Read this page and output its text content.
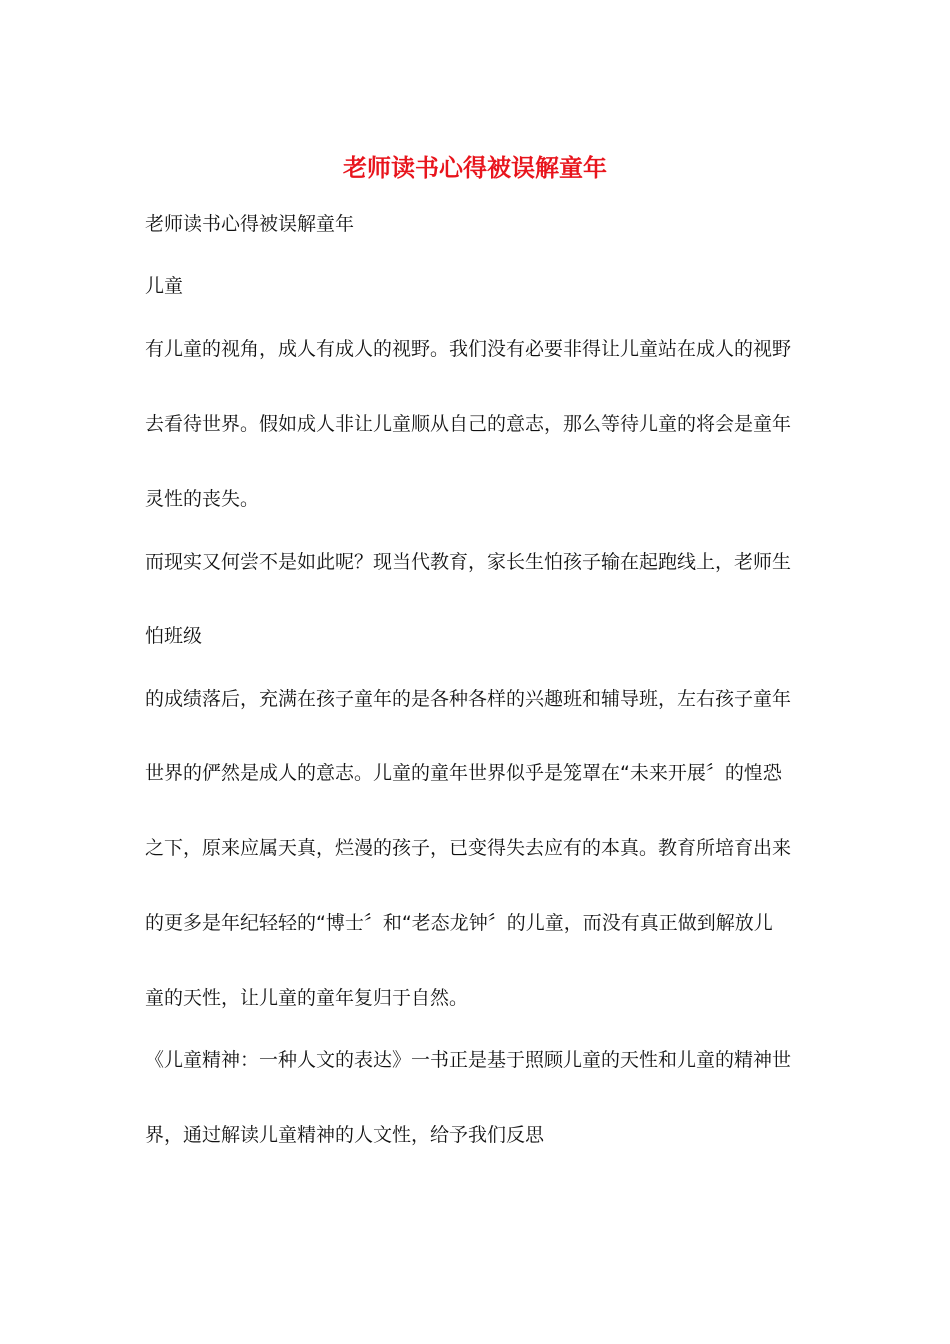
老师读书心得被误解童年
老师读书心得被误解童年
儿童
有儿童的视角，成人有成人的视野。我们没有必要非得让儿童站在成人的视野
去看待世界。假如成人非让儿童顺从自己的意志，那么等待儿童的将会是童年
灵性的丧失。
而现实又何尝不是如此呢？现当代教育，家长生怕孩子输在起跑线上，老师生
怕班级
的成绩落后，充满在孩子童年的是各种各样的兴趣班和辅导班，左右孩子童年
世界的俨然是成人的意志。儿童的童年世界似乎是笼罩在“未来开展〞的惶恐
之下，原来应属天真，烂漫的孩子，已变得失去应有的本真。教育所培育出来
的更多是年纪轻轻的“博士〞和“老态龙钟〞的儿童，而没有真正做到解放儿
童的天性，让儿童的童年复归于自然。
《儿童精神：一种人文的表达》一书正是基于照顾儿童的天性和儿童的精神世
界，通过解读儿童精神的人文性，给予我们反思
